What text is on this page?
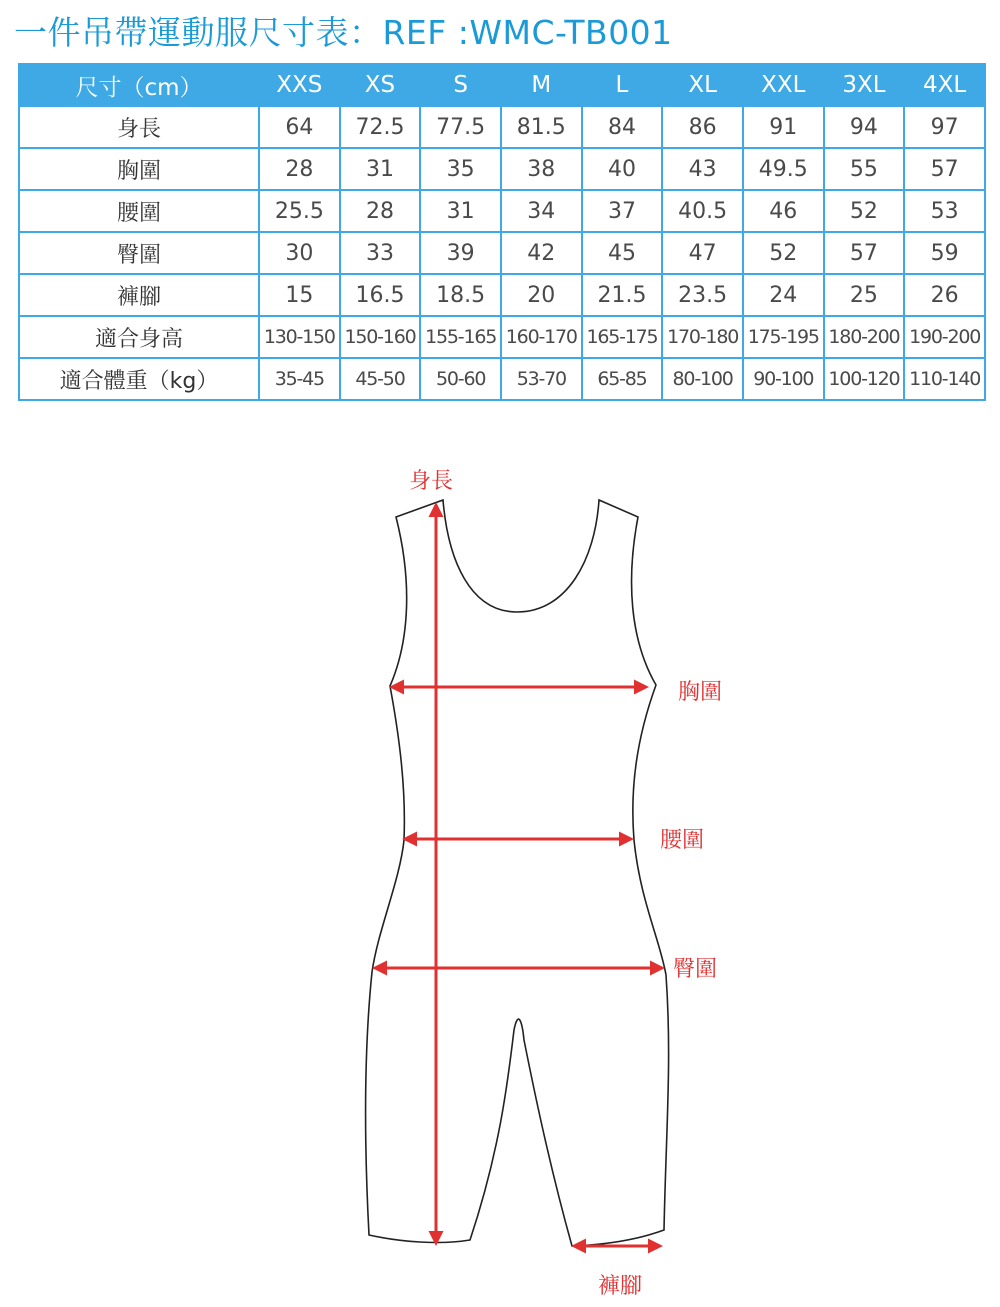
一件吊帶運動服尺寸表：REF :WMC-TB001
尺寸（cm）	XXS	XS	S	M	L	XL	XXL	3XL	4XL
身長	64	72.5	77.5	81.5	84	86	91	94	97
胸圍	28	31	35	38	40	43	49.5	55	57
腰圍	25.5	28	31	34	37	40.5	46	52	53
臀圍	30	33	39	42	45	47	52	57	59
褲腳	15	16.5	18.5	20	21.5	23.5	24	25	26
適合身高	130-150	150-160	155-165	160-170	165-175	170-180	175-195	180-200	190-200
適合體重（kg）	35-45	45-50	50-60	53-70	65-85	80-100	90-100	100-120	110-140
身長
胸圍
腰圍
臀圍
褲腳
